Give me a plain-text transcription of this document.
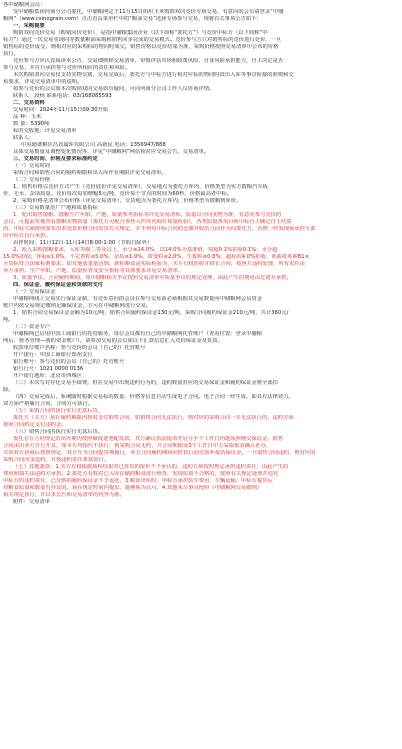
各中储粮网会员：
受中储粮集团河南分公司委托，中储粮网定于11月15日组织玉米购销双向竞价专场交易，有意向的会员请登录“中储
粮网”（www.csinograin.com）点击首页菜单栏中的“粮油交易”选择专场参与交易，现将有关事项公告如下：
一、采购提要
购销双向竞价交易（购销同价竞价），是指中储粮集团企业（以下简称“委托方”）与竞价中标方（以下简称“中
标方”）通过一次交易实现同等数量粮油采购和销售同步完成的交易模式。竞价参与方只对销售标的竞价进行竞价，一旦
销售标的竞价成交，则相对应的采购标的物同时成交。销售价格以竞价结果为准，采购价格按照交易清单中公布的价格
执行。
竞价参与方应认真阅读本公告、交易细则和交易清单，审慎评估市场和政策风险、自身风险承担能力，自主决定是否
参与交易，并自行承担参与竞价所相应的责任和风险。
本次购销双向交易仅支持实物交割，交易完成后，委托方与中标方进行相对应标的物同时段出入库等事宜衔接的准则和交
易要求，详见交易清单中的说明。
拟参与竞价的会员如本次购销双向交易如有疑问，可向河南分公司工作人员咨询详情。
联系人：段杨 联系电话：03/168085593
二、交易资料
交易时间：2024年11月15日09:30开始
品 种：玉米
数 量：5390吨
标的交收地：详见交易清单
联系人：
中央储备粮许昌直属库有限公司 高新民 电话：1356947/888
具体交易数量及调整变化情况等，详见“中储粮网”网站相对应交易公告、交易清单。
三、交易时间、价格及要求标准约定
（一）交易时间
采购合同和销售合同的履约期限和出入库作业期限详见交易清单。
（二）交易价格
1、销售价格以竞价方式产生（竞价底价详见交易清单），交易地点为委托方库内，价格类型为实方散粮汽车板
价，无水、杂项质量。竞价每次每加增幅5元/吨，竞价每个节点的时间为60秒，价格最高者中标。
2、采购价格是清单公布价格（详见交易清单），交货地点为委托方库内，价格类型为散粮到库价。
（三）交易数量范广产地和质量指标
1、轮出销售散粮。散粮生产年限、产地、质量参考指标等详见交易清单。质量以合同实物为准，有意向参与竞价的
会员，可提前实地查看散粮实物质量（委托方可配合查样入作库内调打质量检验），各类质量各项目视中标自主确定自主结算
的，中标方须按照如实出本送货价格合同发货有关规定，并不得用中标合同的仓储并收货合同作为向委托方，否则一经发现须承担全部
由中标方自行承担。
看样时间：11月12日-11月14日8:00-1:00（节假日除外）
2、轮入采购散粮要求。入库等级二等及以上，水分≤14.0%，以14.0%为基准值，每超0.1%扣重0.1%；水分超
15.0%拒收；容重≥1.0%，不完善粒≤5.0%，杂质≤1.0%，霉变粒≤2.0%，生霉粒≤0.8%；超标的4.0%拒收；黄曲霉毒素B1≤
全货标符合国家标准要求，如其他质量量达到，新标粮食是实际检验为，买方有权拒收并终止合同，按照方违约处理，所有责任由
卖方承担。生产年限、产地、质量检查及安全指标等具体要求详见交易清单。
3、质量争议。合同履约期间，如中储粮相关争议按照交易清单中质量争议的规定处理，由此产生的费用由过错方承担。
四、保证金、履约保证金和货款的支付
（一）交易保证金
中储粮网线上交易实行保证金制，有竞价意向的会员在参与交易前必须根据其交易数量向中储粮网会员资金
账户内按交易规定缴纳足额保证金，方可在中储粮网进行交易。
1、销售合同交易保证金金额为10元/吨，销售合同履约保证金130元/吨，采购合同履约保证金210元/吨，共计360元/
吨。
（二）资金专户
中储粮网已启用中国工商银行的托管服务，每位会员都有自己的中储粮网托管账户（查看位置：登录中储粮
网后，财务管理—我的资金账户），请参加交易的会员须以下汇款信息汇入竞价保证金及货款。
收款单位账户名称：参与竞价的会员（自己的）托管账号
开户银行：中国工商银行郑州支行
银行账号：参与竞价的会员（自己的）托管账号
银行行号：1021 0000 0136
开户银行地址：北京市西城区
（三）本次写封存化交易手续费。但在交易中出现违约行为的，违约数量对应的交易保证金和履约保证金将全部扣
除。
（四）交易完成后，系统随时根据交易标的数量、价格等信息自动生成电子合同。电子合同一经生成，即具有法律效力。
双方须严格履行合同，合同方可执行。
（五）采购合同的执行实行先款后货。
委托方（买方）须在履约期限内按时支付销售合同，如销售合同无法执行，则对应的采购合同一并无法执行的，违约方须
按照合同约定支付违约金。
（六）销售合同的执行实行先款后货。
委托方在合同规定的出库期内按照额度逐笔配发款。双方确认执法提请开启分手个工作日内逐项照增交保证金。销售
合同由出卖方自行开具，如本方均指代不执行，则采购合同无约，并合同期限前3个工作日中方采取报表确认补办，
买卖双方协商后按照规定，双方互为合同提货期履行，卖方合同履约期间同时执行前付款补提货保证金。一旦销售合同违约，则对应的
采购合同同步违约，并按违约责任条款执行。
（七）其他条款：1.买方有权根据质检结果对已作出的报价不予承认的，违约方须按照规定承担违约责任，由此产生的
费用和损失由违约方承担。2.委托方有权对已入库存储的粮食进行核查，发现质量不合格的，按照有关规定处理并追究
中标方的违约责任，已交纳的履约保证金不予退还。3.粮食出库时，中标方承担装车费用，车辆运输，中标方提货后
对粮食质量和数量有异议的，须在规定时间内提出，逾期视为认可。4.其他未尽事宜按照《中储粮网交易细则》
相关规定执行，并以本公告和交易清单的内容为准。
附件：交易清单
